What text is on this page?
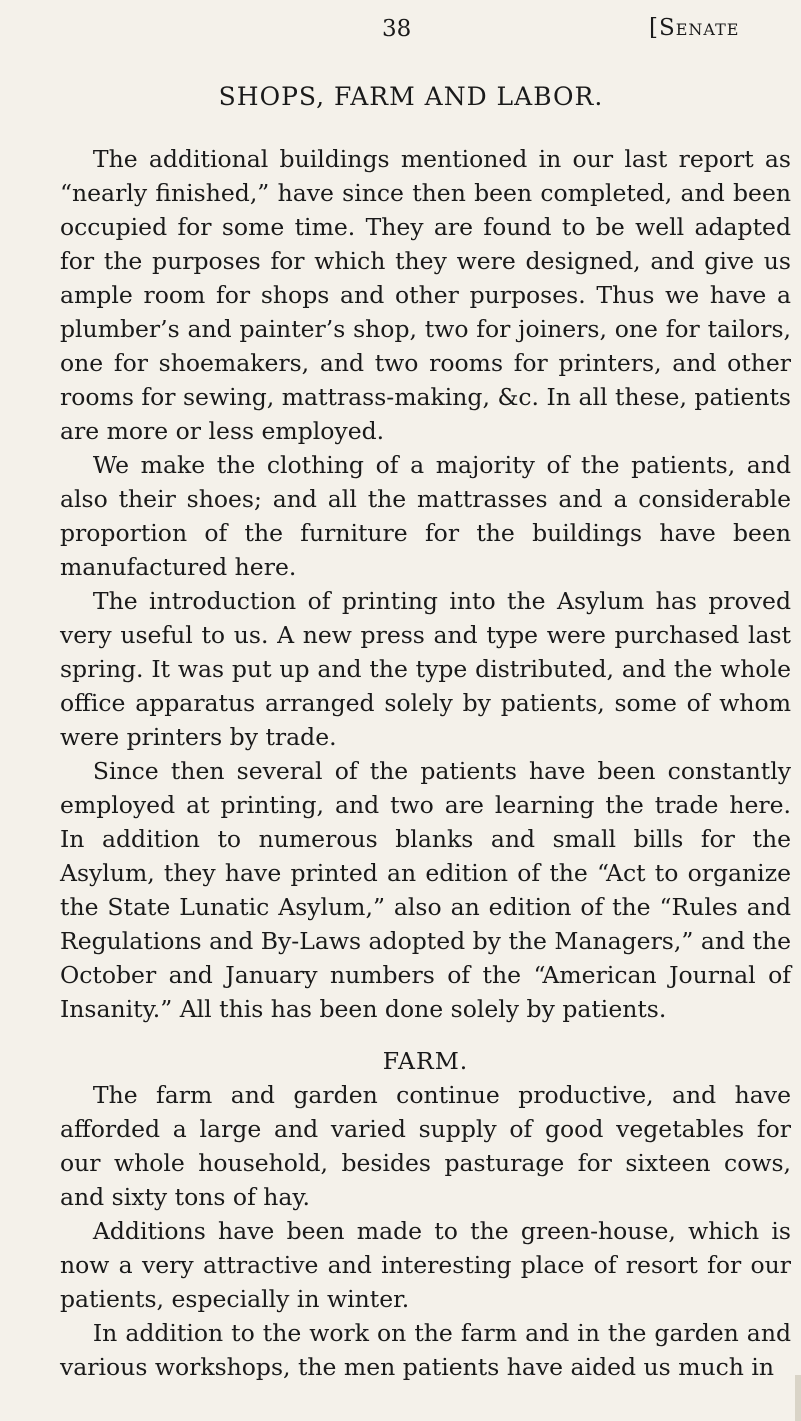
38	[Senate
SHOPS, FARM AND LABOR.

The additional buildings mentioned in our last report as “nearly finished,” have since then been completed, and been occupied for some time. They are found to be well adapted for the purposes for which they were designed, and give us ample room for shops and other purposes. Thus we have a plumber’s and painter’s shop, two for joiners, one for tailors, one for shoemakers, and two rooms for printers, and other rooms for sewing, mattrass-making, &c. In all these, patients are more or less employed.

We make the clothing of a majority of the patients, and also their shoes; and all the mattrasses and a considerable proportion of the furniture for the buildings have been manufactured here.

The introduction of printing into the Asylum has proved very useful to us. A new press and type were purchased last spring. It was put up and the type distributed, and the whole office apparatus arranged solely by patients, some of whom were printers by trade.

Since then several of the patients have been constantly employed at printing, and two are learning the trade here. In addition to numerous blanks and small bills for the Asylum, they have printed an edition of the “Act to organize the State Lunatic Asylum,” also an edition of the “Rules and Regulations and By-Laws adopted by the Managers,” and the October and January numbers of the “American Journal of Insanity.” All this has been done solely by patients.

FARM.

The farm and garden continue productive, and have afforded a large and varied supply of good vegetables for our whole household, besides pasturage for sixteen cows, and sixty tons of hay.

Additions have been made to the green-house, which is now a very attractive and interesting place of resort for our patients, especially in winter.

In addition to the work on the farm and in the garden and various workshops, the men patients have aided us much in
